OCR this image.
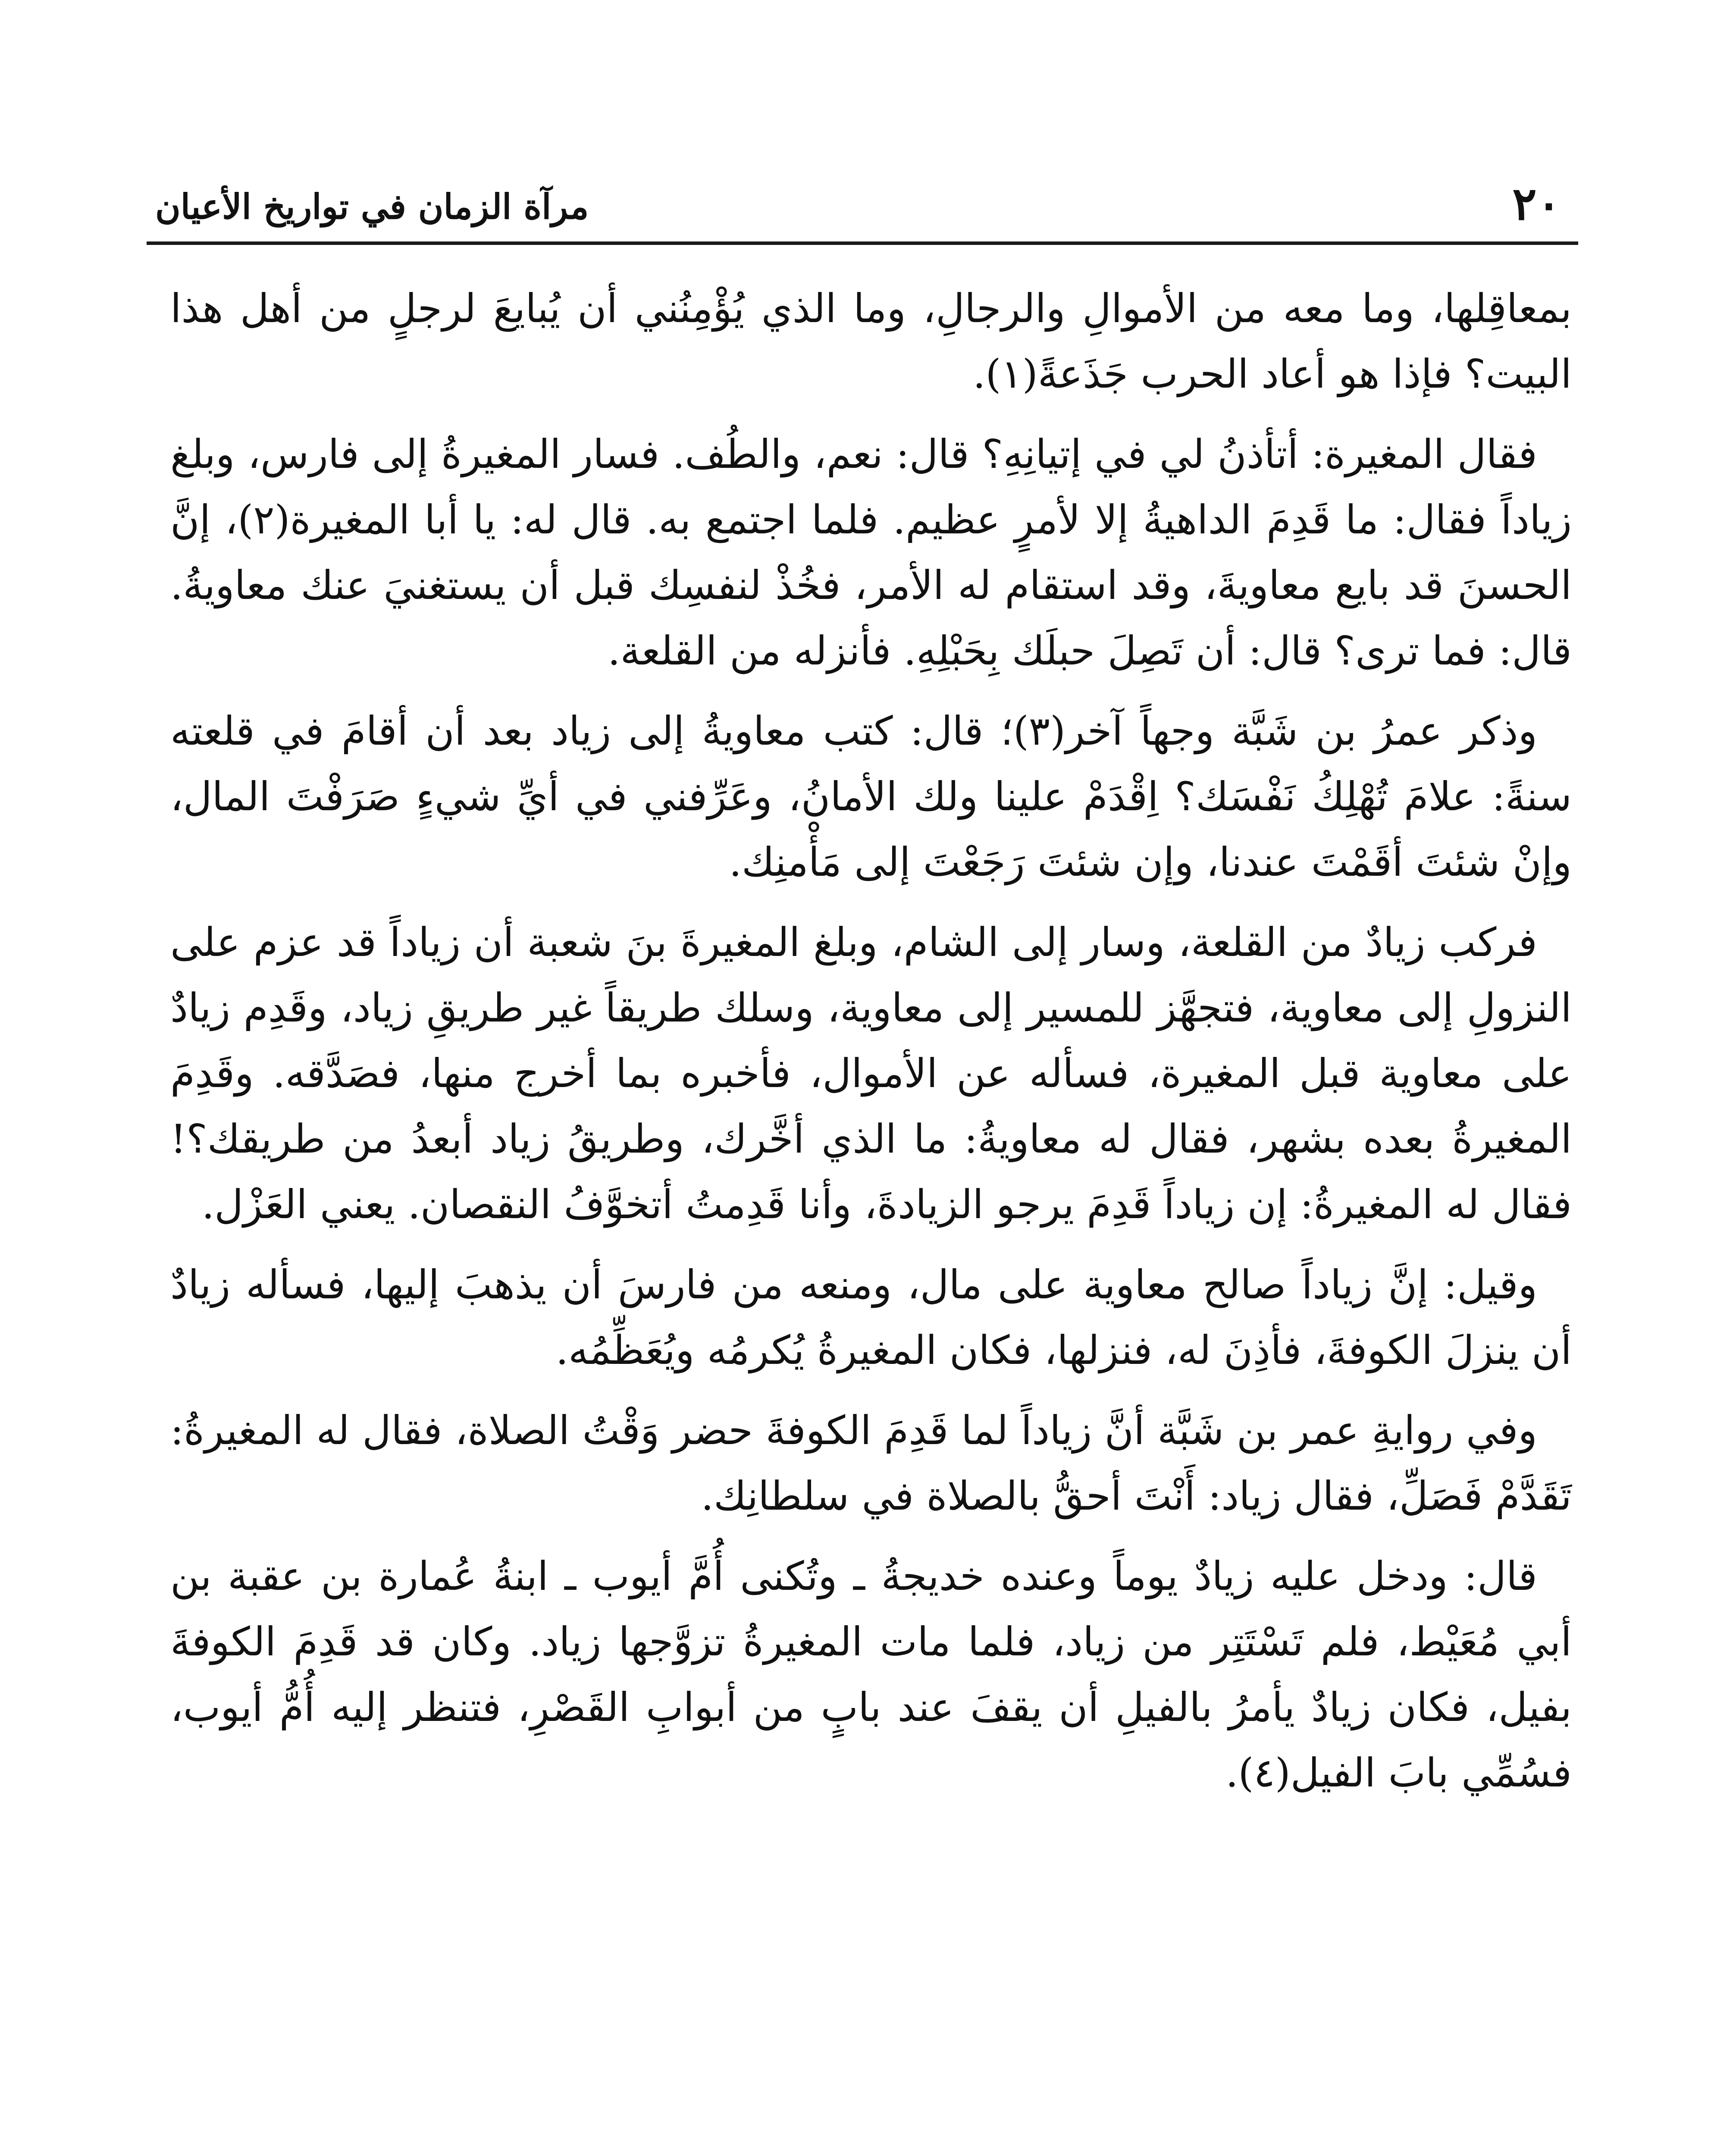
٢٠
مرآة الزمان في تواريخ الأعيان

بمعاقِلها، وما معه من الأموالِ والرجالِ، وما الذي يُؤْمِنُني أن يُبايعَ لرجلٍ من أهل هذا البيت؟ فإذا هو أعاد الحرب جَذَعةً(١).

فقال المغيرة: أتأذنُ لي في إتيانِهِ؟ قال: نعم، والطُف. فسار المغيرةُ إلى فارس، وبلغ زياداً فقال: ما قَدِمَ الداهيةُ إلا لأمرٍ عظيم. فلما اجتمع به. قال له: يا أبا المغيرة(٢)، إنَّ الحسنَ قد بايع معاويةَ، وقد استقام له الأمر، فخُذْ لنفسِك قبل أن يستغنيَ عنك معاويةُ. قال: فما ترى؟ قال: أن تَصِلَ حبلَك بِحَبْلِهِ. فأنزله من القلعة.

وذكر عمرُ بن شَبَّة وجهاً آخر(٣)؛ قال: كتب معاويةُ إلى زياد بعد أن أقامَ في قلعته سنةً: علامَ تُهْلِكُ نَفْسَك؟ اِقْدَمْ علينا ولك الأمانُ، وعَرِّفني في أيِّ شيءٍ صَرَفْتَ المال، وإنْ شئتَ أقَمْتَ عندنا، وإن شئتَ رَجَعْتَ إلى مَأْمنِك.

فركب زيادٌ من القلعة، وسار إلى الشام، وبلغ المغيرةَ بنَ شعبة أن زياداً قد عزم على النزولِ إلى معاوية، فتجهَّز للمسير إلى معاوية، وسلك طريقاً غير طريقِ زياد، وقَدِم زيادٌ على معاوية قبل المغيرة، فسأله عن الأموال، فأخبره بما أخرج منها، فصَدَّقه. وقَدِمَ المغيرةُ بعده بشهر، فقال له معاويةُ: ما الذي أخَّرك، وطريقُ زياد أبعدُ من طريقك؟! فقال له المغيرةُ: إن زياداً قَدِمَ يرجو الزيادةَ، وأنا قَدِمتُ أتخوَّفُ النقصان. يعني العَزْل.

وقيل: إنَّ زياداً صالح معاوية على مال، ومنعه من فارسَ أن يذهبَ إليها، فسأله زيادٌ أن ينزلَ الكوفةَ، فأذِنَ له، فنزلها، فكان المغيرةُ يُكرمُه ويُعَظِّمُه.

وفي روايةِ عمر بن شَبَّة أنَّ زياداً لما قَدِمَ الكوفةَ حضر وَقْتُ الصلاة، فقال له المغيرةُ: تَقَدَّمْ فَصَلِّ، فقال زياد: أَنْتَ أحقُّ بالصلاة في سلطانِك.

قال: ودخل عليه زيادٌ يوماً وعنده خديجةُ ـ وتُكنى أُمَّ أيوب ـ ابنةُ عُمارة بن عقبة بن أبي مُعَيْط، فلم تَسْتَتِر من زياد، فلما مات المغيرةُ تزوَّجها زياد. وكان قد قَدِمَ الكوفةَ بفيل، فكان زيادٌ يأمرُ بالفيلِ أن يقفَ عند بابٍ من أبوابِ القَصْرِ، فتنظر إليه أُمُّ أيوب، فسُمِّي بابَ الفيل(٤).
